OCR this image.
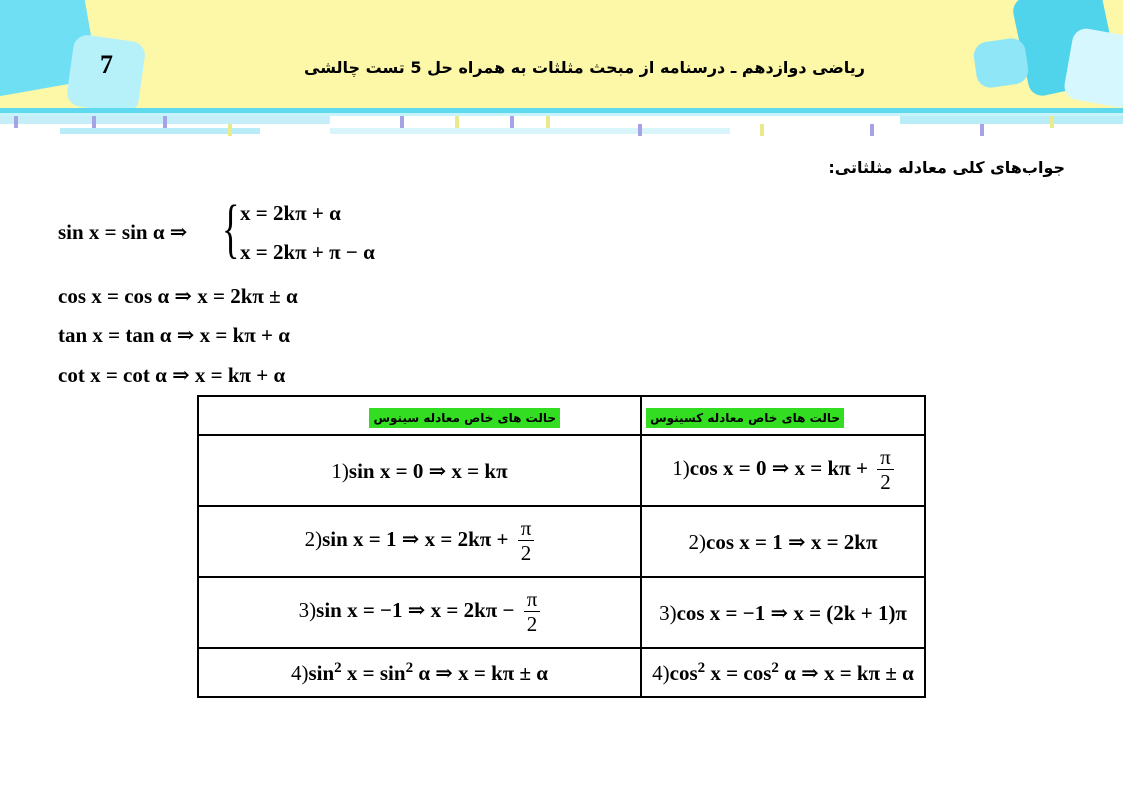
7	ریاضی دوازدهم ـ درسنامه از مبحث مثلثات به همراه حل 5 تست چالشی
جواب‌های کلی معادله مثلثاتی:
sin x = sin α ⇒ { x = 2kπ + α
x = 2kπ + π − α
cos x = cos α ⇒ x = 2kπ ± α
tan x = tan α ⇒ x = kπ + α
cot x = cot α ⇒ x = kπ + α
حالت های خاص معادله سینوس	حالت های خاص معادله کسینوس
1)sin x = 0 ⇒ x = kπ	1)cos x = 0 ⇒ $x = k\pi + \frac{\pi}{2}$

2)sin x = 1 ⇒ $x = 2k\pi + \frac{\pi}{2}$	2)cos x = 1 ⇒ x = 2kπ
3)sin x = −1 ⇒ $x = 2k\pi - \frac{\pi}{2}$	3)cos x = −1 ⇒ x = (2k + 1)π
$4)\sin^2$ $x = \sin^2 \alpha$ ⇒ x = kπ ± α	$4)\cos^2$ $x = \cos^2 \alpha$ ⇒ x = kπ ± α
